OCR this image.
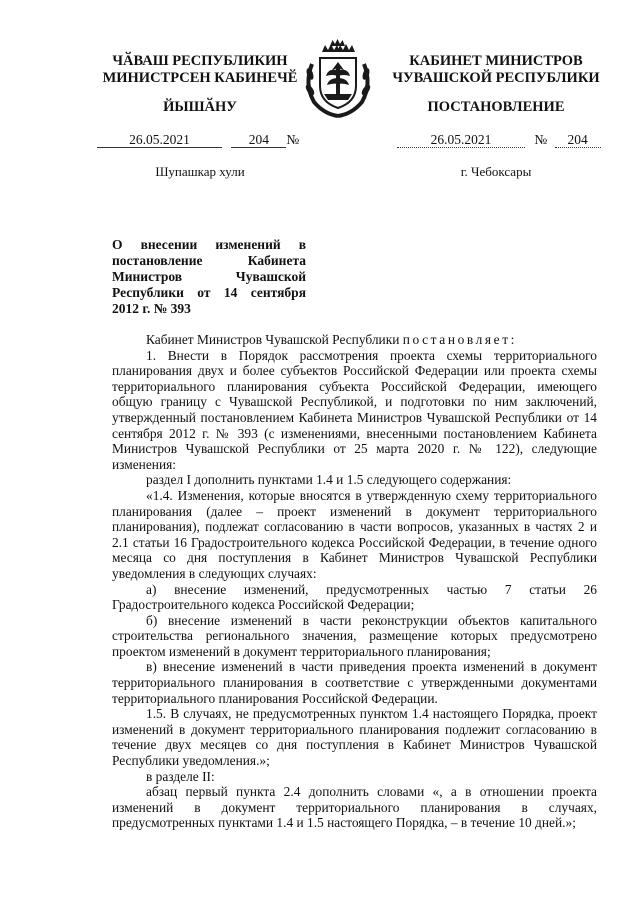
ЧӐВАШ РЕСПУБЛИКИН
МИНИСТРСЕН КАБИНЕЧӖ
ЙЫШӐНУ
КАБИНЕТ МИНИСТРОВ
ЧУВАШСКОЙ РЕСПУБЛИКИ
ПОСТАНОВЛЕНИЕ
26.05.2021	204 №	26.05.2021	№ 204
Шупашкар хули	г. Чебоксары
О внесении изменений в постановление Кабинета Министров Чувашской Республики от 14 сентября 2012 г. № 393

Кабинет Министров Чувашской Республики постановляет:

1. Внести в Порядок рассмотрения проекта схемы территориального планирования двух и более субъектов Российской Федерации или проекта схемы территориального планирования субъекта Российской Федерации, имеющего общую границу с Чувашской Республикой, и подготовки по ним заключений, утвержденный постановлением Кабинета Министров Чувашской Республики от 14 сентября 2012 г. № 393 (с изменениями, внесенными постановлением Кабинета Министров Чувашской Республики от 25 марта 2020 г. № 122), следующие изменения:

раздел I дополнить пунктами 1.4 и 1.5 следующего содержания:

«1.4. Изменения, которые вносятся в утвержденную схему территориального планирования (далее – проект изменений в документ территориального планирования), подлежат согласованию в части вопросов, указанных в частях 2 и 2.1 статьи 16 Градостроительного кодекса Российской Федерации, в течение одного месяца со дня поступления в Кабинет Министров Чувашской Республики уведомления в следующих случаях:

а) внесение изменений, предусмотренных частью 7 статьи 26 Градостроительного кодекса Российской Федерации;

б) внесение изменений в части реконструкции объектов капитального строительства регионального значения, размещение которых предусмотрено проектом изменений в документ территориального планирования;

в) внесение изменений в части приведения проекта изменений в документ территориального планирования в соответствие с утвержденными документами территориального планирования Российской Федерации.

1.5. В случаях, не предусмотренных пунктом 1.4 настоящего Порядка, проект изменений в документ территориального планирования подлежит согласованию в течение двух месяцев со дня поступления в Кабинет Министров Чувашской Республики уведомления.»;

в разделе II:

абзац первый пункта 2.4 дополнить словами «, а в отношении проекта изменений в документ территориального планирования в случаях, предусмотренных пунктами 1.4 и 1.5 настоящего Порядка, – в течение 10 дней.»;
